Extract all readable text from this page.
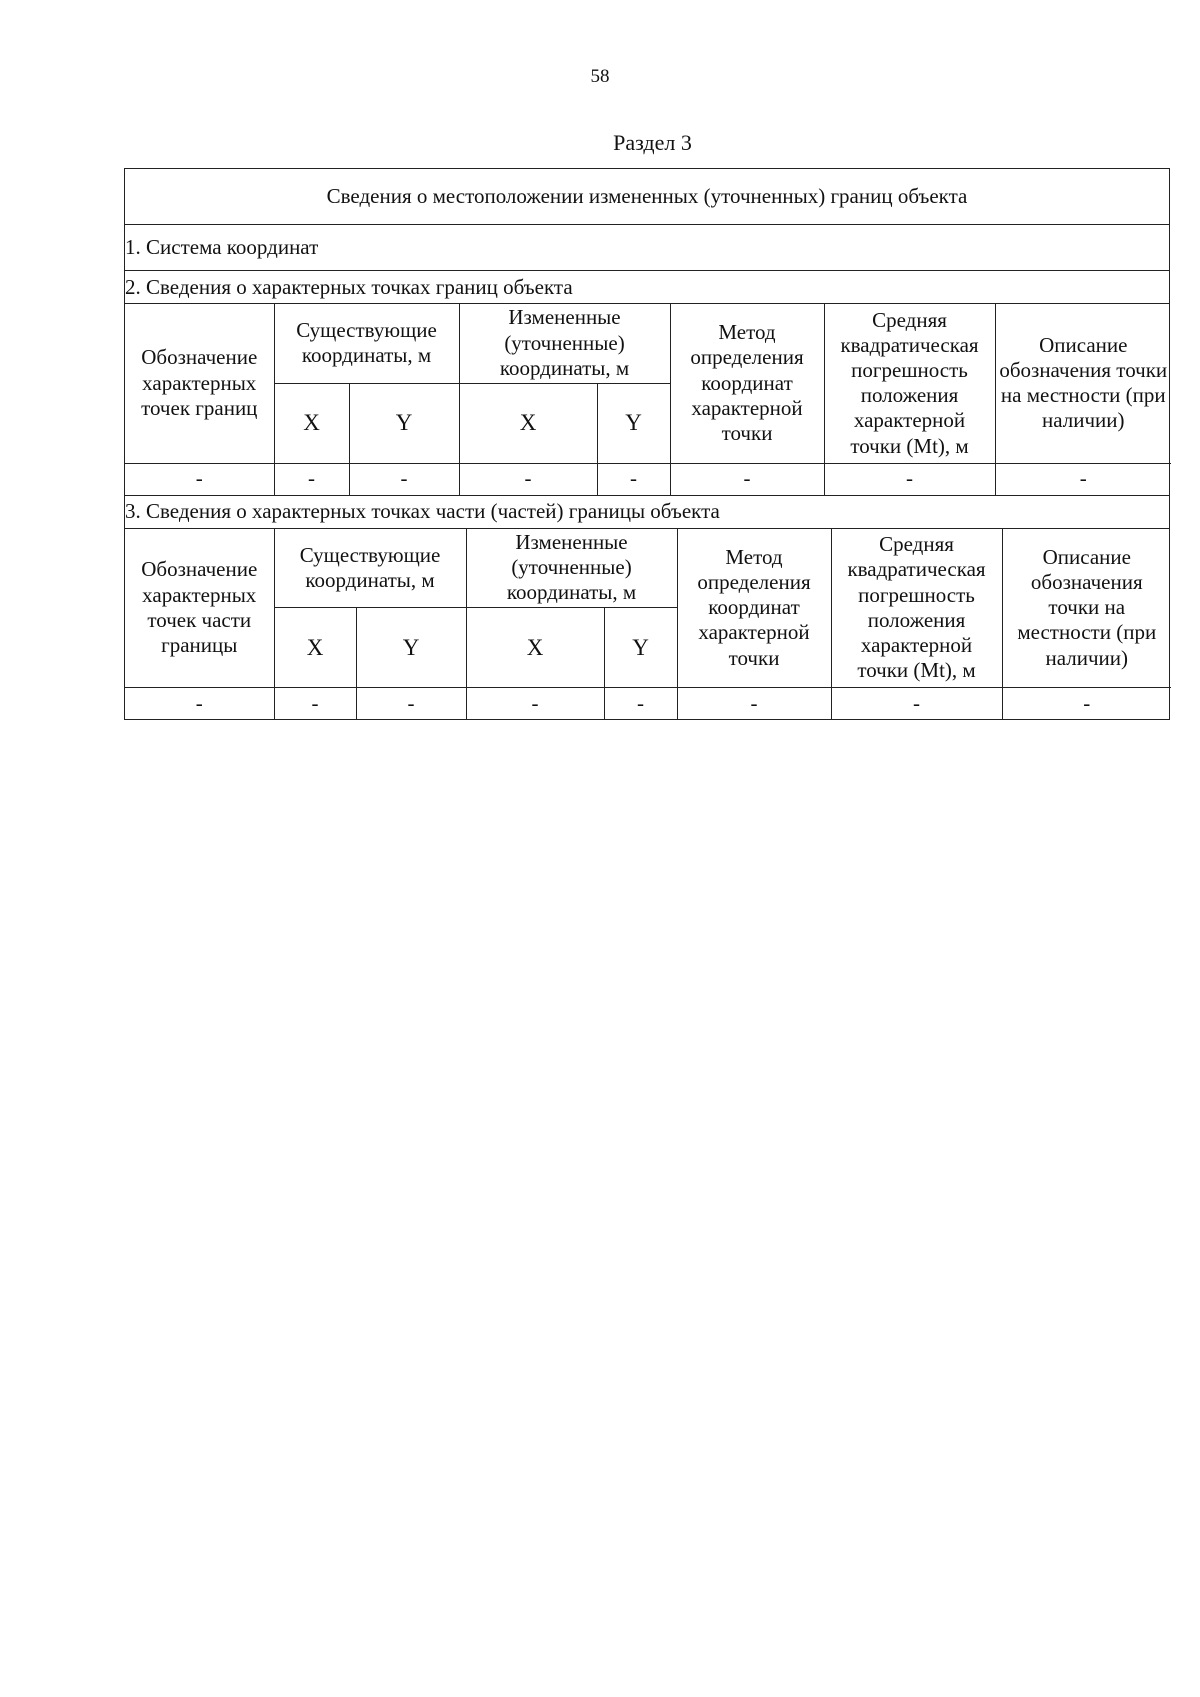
58
Раздел 3
Сведения о местоположении измененных (уточненных) границ объекта
1. Система координат
2. Сведения о характерных точках границ объекта

Обозначение характерных точек границ	Существующие координаты, м	Измененные (уточненные) координаты, м	Метод определения координат характерной точки	Средняя квадратическая погрешность положения характерной точки (Mt), м	Описание обозначения точки на местности (при наличии)
X	Y	X	Y
-	-	-	-	-	-	-	-

3. Сведения о характерных точках части (частей) границы объекта

Обозначение характерных точек части границы	Существующие координаты, м	Измененные (уточненные) координаты, м	Метод определения координат характерной точки	Средняя квадратическая погрешность положения характерной точки (Mt), м	Описание обозначения точки на местности (при наличии)
X	Y	X	Y
-	-	-	-	-	-	-	-
